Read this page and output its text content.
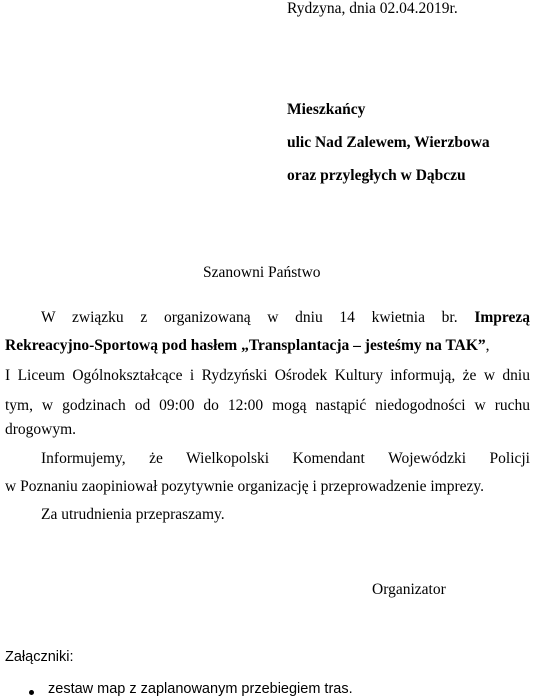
Rydzyna, dnia 02.04.2019r.
Mieszkańcy
ulic Nad Zalewem, Wierzbowa
oraz przyległych w Dąbczu
Szanowni Państwo
W związku z organizowaną w dniu 14 kwietnia br. Imprezą
Rekreacyjno-Sportową pod hasłem „Transplantacja – jesteśmy na TAK”,
I Liceum Ogólnokształcące i Rydzyński Ośrodek Kultury informują, że w dniu
tym, w godzinach od 09:00 do 12:00 mogą nastąpić niedogodności w ruchu
drogowym.
Informujemy, że Wielkopolski Komendant Wojewódzki Policji
w Poznaniu zaopiniował pozytywnie organizację i przeprowadzenie imprezy.
Za utrudnienia przepraszamy.
Organizator
Załączniki:
zestaw map z zaplanowanym przebiegiem tras.
